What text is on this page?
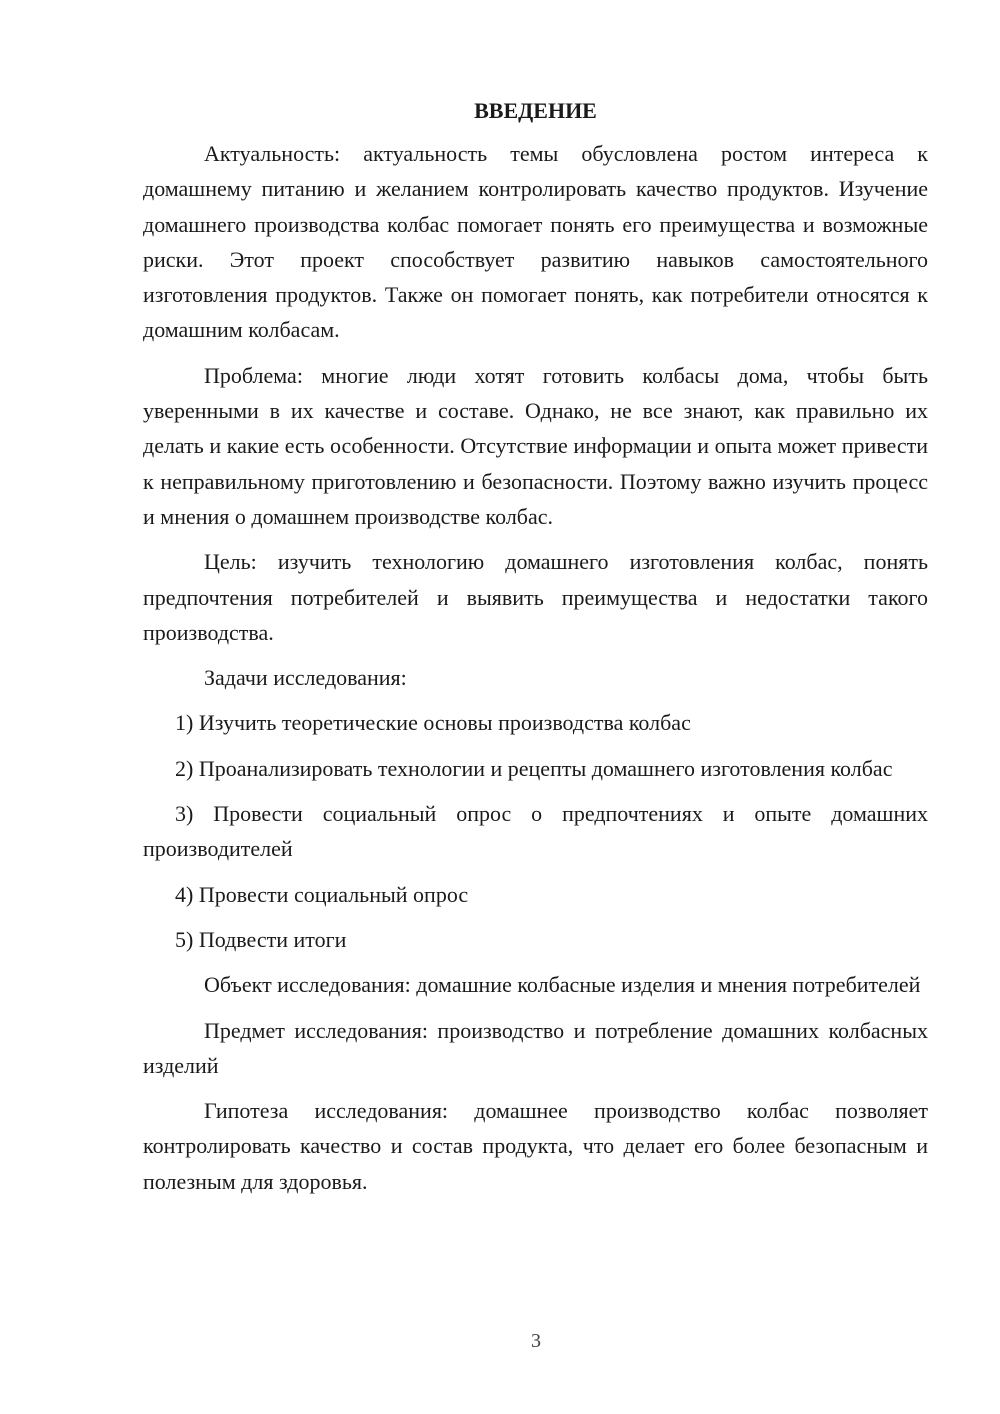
ВВЕДЕНИЕ

Актуальность: актуальность темы обусловлена ростом интереса к домашнему питанию и желанием контролировать качество продуктов. Изучение домашнего производства колбас помогает понять его преимущества и возможные риски. Этот проект способствует развитию навыков самостоятельного изготовления продуктов. Также он помогает понять, как потребители относятся к домашним колбасам.

Проблема: многие люди хотят готовить колбасы дома, чтобы быть уверенными в их качестве и составе. Однако, не все знают, как правильно их делать и какие есть особенности. Отсутствие информации и опыта может привести к неправильному приготовлению и безопасности. Поэтому важно изучить процесс и мнения о домашнем производстве колбас.

Цель: изучить технологию домашнего изготовления колбас, понять предпочтения потребителей и выявить преимущества и недостатки такого производства.

Задачи исследования:

1) Изучить теоретические основы производства колбас

2) Проанализировать технологии и рецепты домашнего изготовления колбас

3) Провести социальный опрос о предпочтениях и опыте домашних производителей

4) Провести социальный опрос

5) Подвести итоги

Объект исследования: домашние колбасные изделия и мнения потребителей

Предмет исследования: производство и потребление домашних колбасных изделий

Гипотеза исследования: домашнее производство колбас позволяет контролировать качество и состав продукта, что делает его более безопасным и полезным для здоровья.

3
